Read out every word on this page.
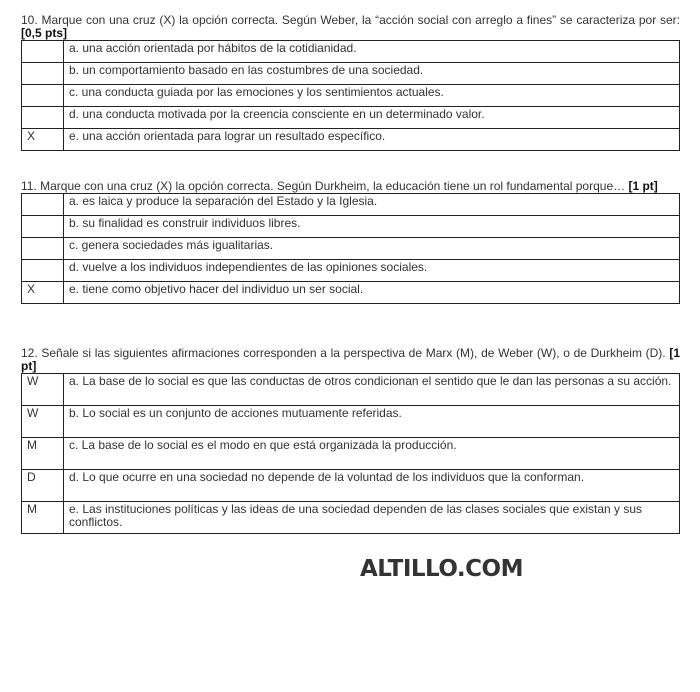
10. Marque con una cruz (X) la opción correcta. Según Weber, la “acción social con arreglo a fines” se caracteriza por ser: [0,5 pts]

	a. una acción orientada por hábitos de la cotidianidad.
	b. un comportamiento basado en las costumbres de una sociedad.
	c. una conducta guiada por las emociones y los sentimientos actuales.
	d. una conducta motivada por la creencia consciente en un determinado valor.
X	e. una acción orientada para lograr un resultado específico.

11. Marque con una cruz (X) la opción correcta. Según Durkheim, la educación tiene un rol fundamental porque… [1 pt]

	a. es laica y produce la separación del Estado y la Iglesia.
	b. su finalidad es construir individuos libres.
	c. genera sociedades más igualitarias.
	d. vuelve a los individuos independientes de las opiniones sociales.
X	e. tiene como objetivo hacer del individuo un ser social.

12. Señale si las siguientes afirmaciones corresponden a la perspectiva de Marx (M), de Weber (W), o de Durkheim (D). [1 pt]

W	a. La base de lo social es que las conductas de otros condicionan el sentido que le dan las personas a su acción.
W	b. Lo social es un conjunto de acciones mutuamente referidas.
M	c. La base de lo social es el modo en que está organizada la producción.
D	d. Lo que ocurre en una sociedad no depende de la voluntad de los individuos que la conforman.
M	e. Las instituciones políticas y las ideas de una sociedad dependen de las clases sociales que existan y sus conflictos.
ALTILLO.COM
